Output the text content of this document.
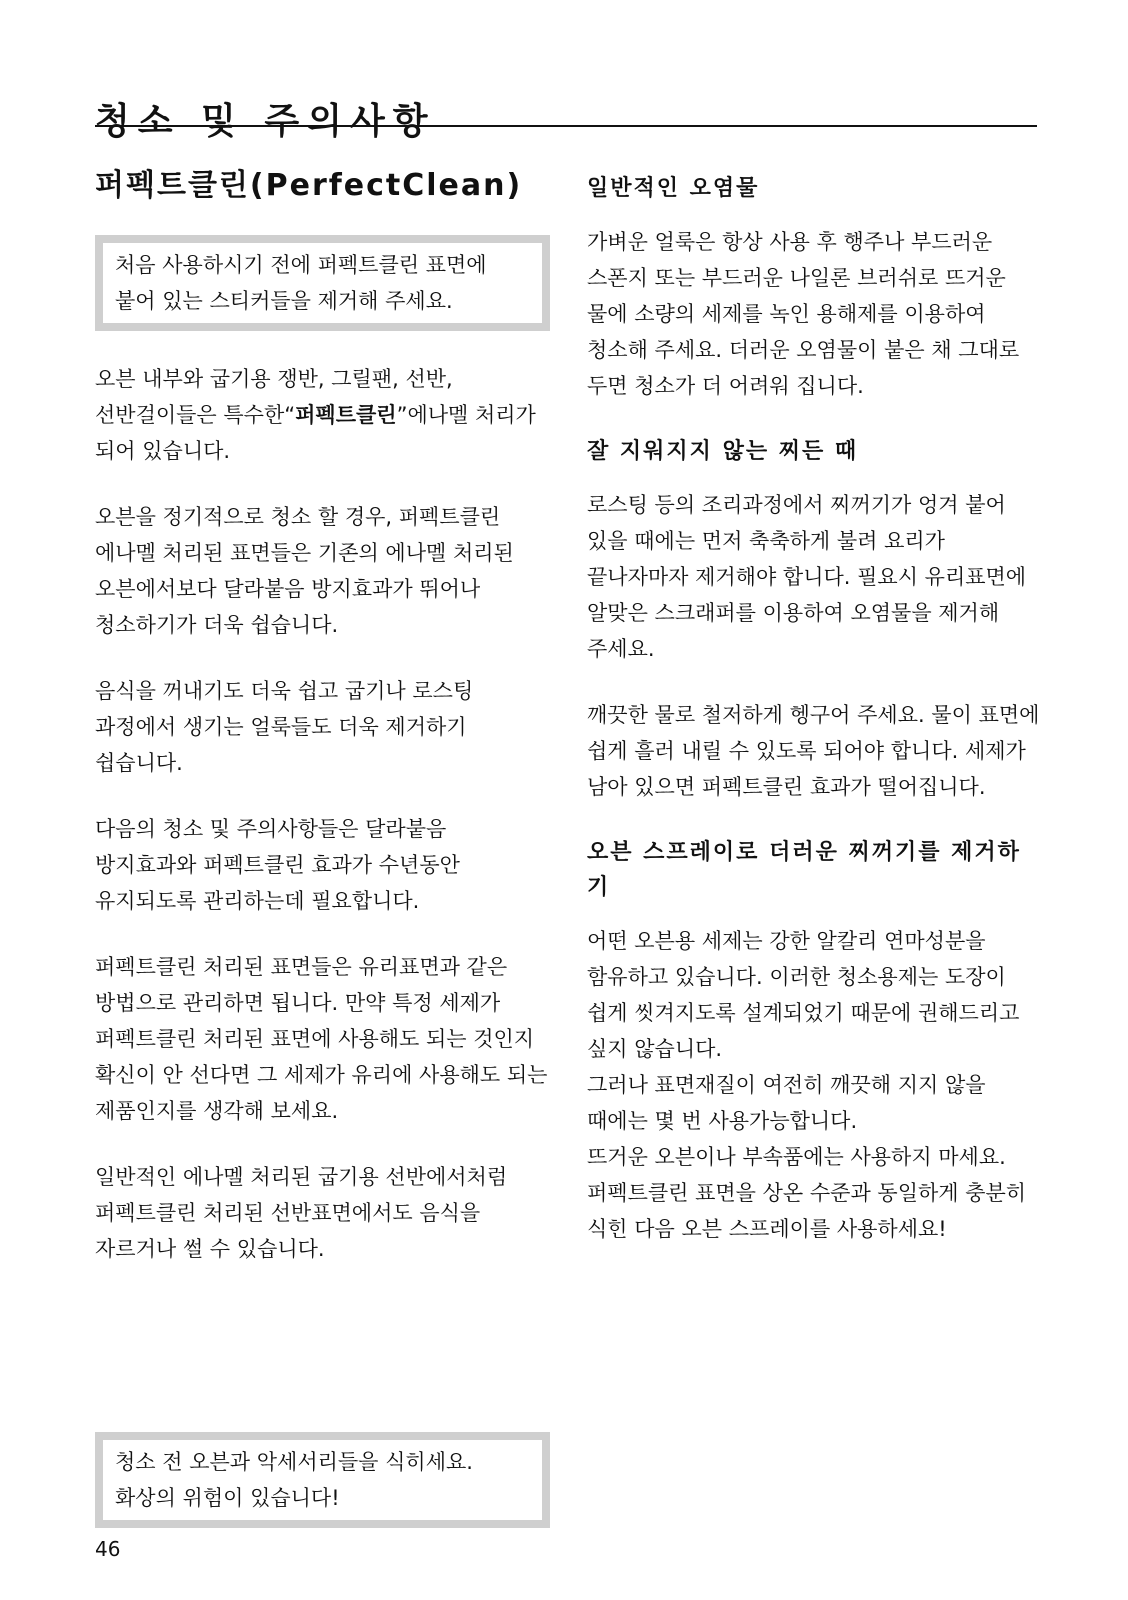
청소 및 주의사항
퍼펙트클린(PerfectClean)
처음 사용하시기 전에 퍼펙트클린 표면에 붙어 있는 스티커들을 제거해 주세요.

오븐 내부와 굽기용 쟁반, 그릴팬, 선반, 선반걸이들은 특수한“퍼펙트클린”에나멜 처리가 되어 있습니다.

오븐을 정기적으로 청소 할 경우, 퍼펙트클린 에나멜 처리된 표면들은 기존의 에나멜 처리된 오븐에서보다 달라붙음 방지효과가 뛰어나 청소하기가 더욱 쉽습니다.

음식을 꺼내기도 더욱 쉽고 굽기나 로스팅 과정에서 생기는 얼룩들도 더욱 제거하기 쉽습니다.

다음의 청소 및 주의사항들은 달라붙음 방지효과와 퍼펙트클린 효과가 수년동안 유지되도록 관리하는데 필요합니다.

퍼펙트클린 처리된 표면들은 유리표면과 같은 방법으로 관리하면 됩니다. 만약 특정 세제가 퍼펙트클린 처리된 표면에 사용해도 되는 것인지 확신이 안 선다면 그 세제가 유리에 사용해도 되는 제품인지를 생각해 보세요.

일반적인 에나멜 처리된 굽기용 선반에서처럼 퍼펙트클린 처리된 선반표면에서도 음식을 자르거나 썰 수 있습니다.

청소 전 오븐과 악세서리들을 식히세요. 화상의 위험이 있습니다!
일반적인 오염물

가벼운 얼룩은 항상 사용 후 행주나 부드러운 스폰지 또는 부드러운 나일론 브러쉬로 뜨거운 물에 소량의 세제를 녹인 용해제를 이용하여 청소해 주세요. 더러운 오염물이 붙은 채 그대로 두면 청소가 더 어려워 집니다.

잘 지워지지 않는 찌든 때

로스팅 등의 조리과정에서 찌꺼기가 엉겨 붙어 있을 때에는 먼저 축축하게 불려 요리가 끝나자마자 제거해야 합니다. 필요시 유리표면에 알맞은 스크래퍼를 이용하여 오염물을 제거해 주세요.

깨끗한 물로 철저하게 헹구어 주세요. 물이 표면에 쉽게 흘러 내릴 수 있도록 되어야 합니다. 세제가 남아 있으면 퍼펙트클린 효과가 떨어집니다.

오븐 스프레이로 더러운 찌꺼기를 제거하기

어떤 오븐용 세제는 강한 알칼리 연마성분을 함유하고 있습니다. 이러한 청소용제는 도장이 쉽게 씻겨지도록 설계되었기 때문에 권해드리고 싶지 않습니다.

그러나 표면재질이 여전히 깨끗해 지지 않을 때에는 몇 번 사용가능합니다.

뜨거운 오븐이나 부속품에는 사용하지 마세요.

퍼펙트클린 표면을 상온 수준과 동일하게 충분히 식힌 다음 오븐 스프레이를 사용하세요!

46
